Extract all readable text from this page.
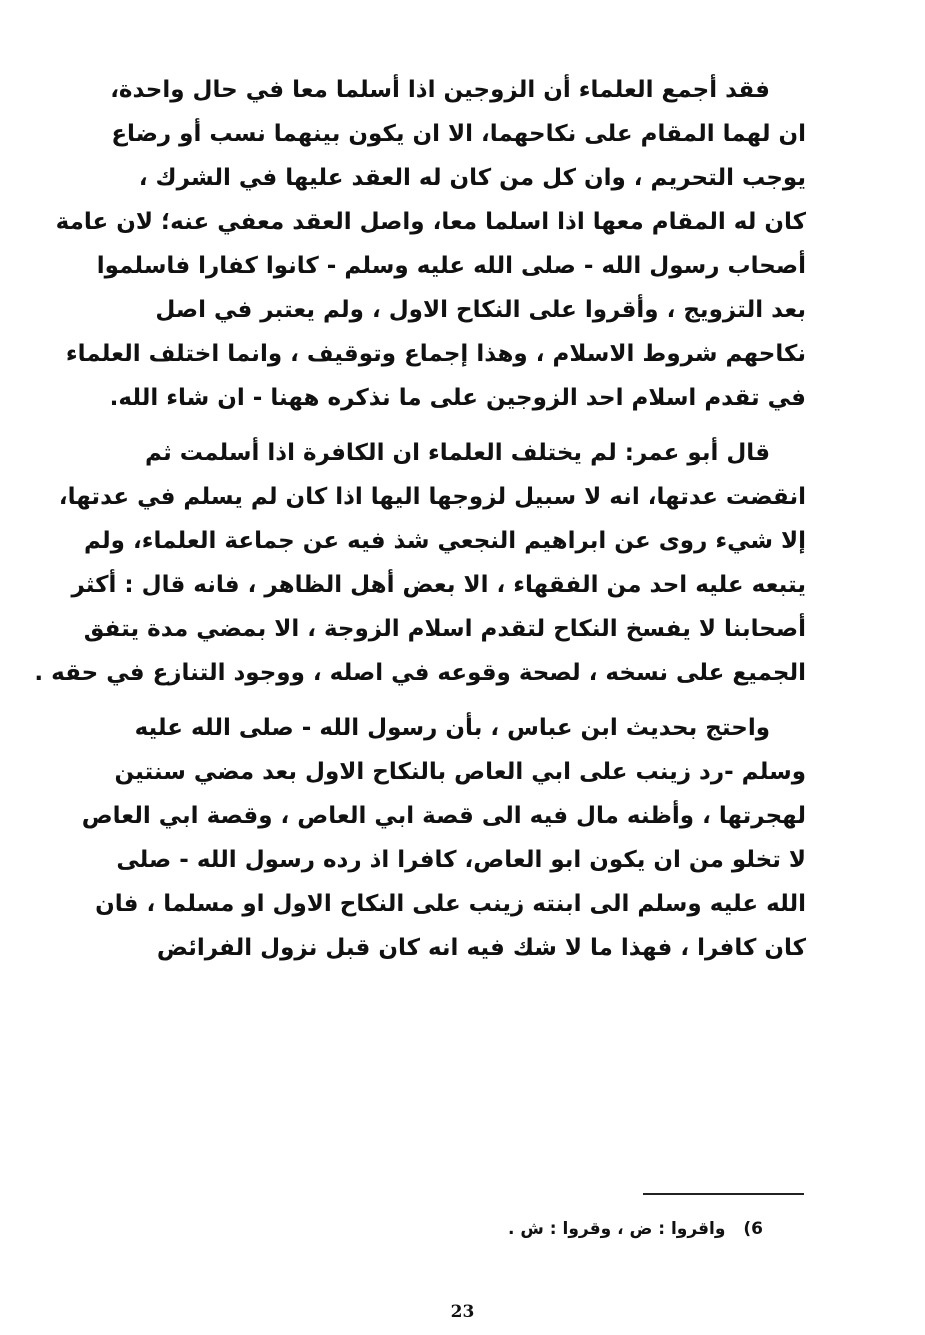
فقد أجمع العلماء أن الزوجين اذا أسلما معا في حال واحدة،
ان لهما المقام على نكاحهما، الا ان يكون بينهما نسب أو رضاع
يوجب التحريم ، وان كل من كان له العقد عليها في الشرك ،
كان له المقام معها اذا اسلما معا، واصل العقد معفي عنه؛ لان عامة
أصحاب رسول الله - صلى الله عليه وسلم - كانوا كفارا فاسلموا
بعد التزويج ، وأقروا على النكاح الاول ، ولم يعتبر في اصل
نكاحهم شروط الاسلام ، وهذا إجماع وتوقيف ، وانما اختلف العلماء
في تقدم اسلام احد الزوجين على ما نذكره ههنا - ان شاء الله.
قال أبو عمر: لم يختلف العلماء ان الكافرة اذا أسلمت ثم
انقضت عدتها، انه لا سبيل لزوجها اليها اذا كان لم يسلم في عدتها،
إلا شيء روى عن ابراهيم النجعي شذ فيه عن جماعة العلماء، ولم
يتبعه عليه احد من الفقهاء ، الا بعض أهل الظاهر ، فانه قال : أكثر
أصحابنا لا يفسخ النكاح لتقدم اسلام الزوجة ، الا بمضي مدة يتفق
الجميع على نسخه ، لصحة وقوعه في اصله ، ووجود التنازع في حقه .
واحتج بحديث ابن عباس ، بأن رسول الله - صلى الله عليه
وسلم -رد زينب على ابي العاص بالنكاح الاول بعد مضي سنتين
لهجرتها ، وأظنه مال فيه الى قصة ابي العاص ، وقصة ابي العاص
لا تخلو من ان يكون ابو العاص، كافرا اذ رده رسول الله - صلى
الله عليه وسلم الى ابنته زينب على النكاح الاول او مسلما ، فان
كان كافرا ، فهذا ما لا شك فيه انه كان قبل نزول الفرائض
6) واقروا : ض ، وقروا : ش .
23
